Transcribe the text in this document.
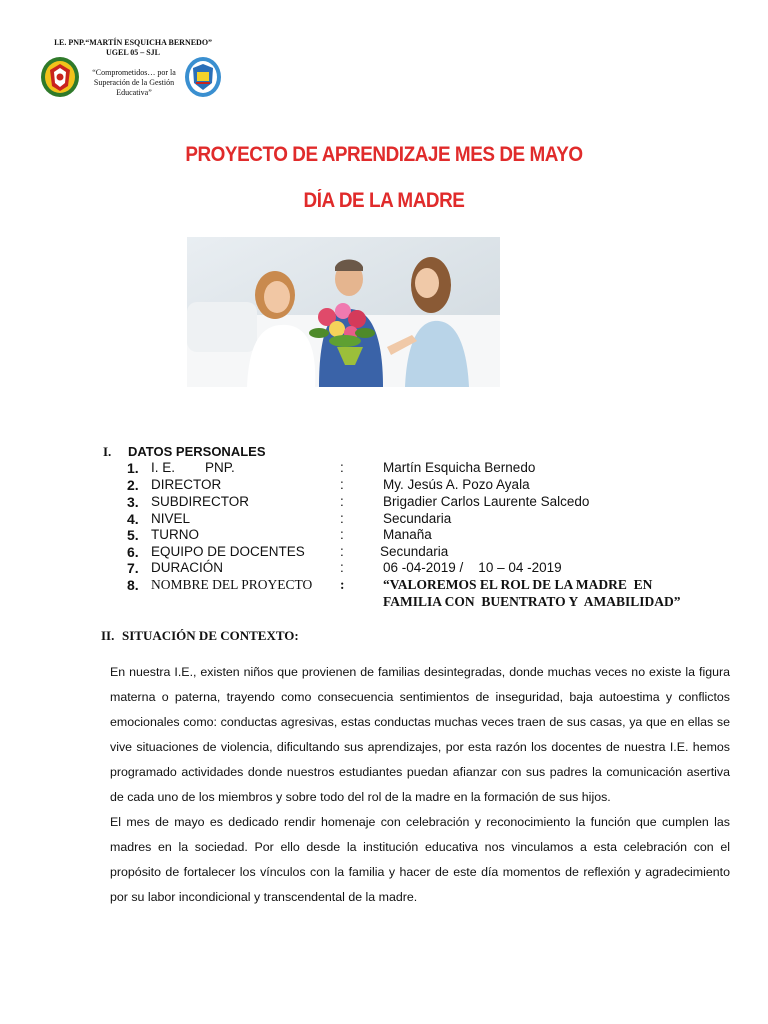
I.E. PNP.“MARTÍN ESQUICHA BERNEDO”
UGEL 05 – SJL
“Comprometidos… por la Superación de la Gestión Educativa”
PROYECTO DE APRENDIZAJE MES DE MAYO
DÍA DE LA MADRE
I. DATOS PERSONALES
1. I. E.        PNP.	:	Martín Esquicha Bernedo
2. DIRECTOR	:	My. Jesús A. Pozo Ayala
3. SUBDIRECTOR	:	Brigadier Carlos Laurente Salcedo
4. NIVEL	:	Secundaria
5. TURNO	:	Manaña
6. EQUIPO DE DOCENTES	:	Secundaria
7. DURACIÓN	:	06 -04-2019 /    10 – 04 -2019
8. NOMBRE DEL PROYECTO :	“VALOREMOS EL ROL DE LA MADRE  EN
FAMILIA CON  BUENTRATO Y  AMABILIDAD”
II. SITUACIÓN DE CONTEXTO:

En nuestra I.E., existen niños que provienen de familias desintegradas, donde muchas veces no existe la figura materna o paterna, trayendo como consecuencia sentimientos de inseguridad, baja autoestima y conflictos emocionales como: conductas agresivas, estas conductas muchas veces traen de sus casas, ya que en ellas se vive situaciones de violencia, dificultando sus aprendizajes, por esta razón los docentes de nuestra I.E. hemos programado actividades donde nuestros estudiantes puedan afianzar con sus padres la comunicación asertiva de cada uno de los miembros y sobre todo del rol de la madre en la formación de sus hijos.

El mes de mayo es dedicado rendir homenaje con celebración y reconocimiento la función que cumplen las madres en la sociedad. Por ello desde la institución educativa nos vinculamos a esta celebración con el propósito de fortalecer los vínculos con la familia y hacer de este día momentos de reflexión y agradecimiento por su labor incondicional y transcendental de la madre.
